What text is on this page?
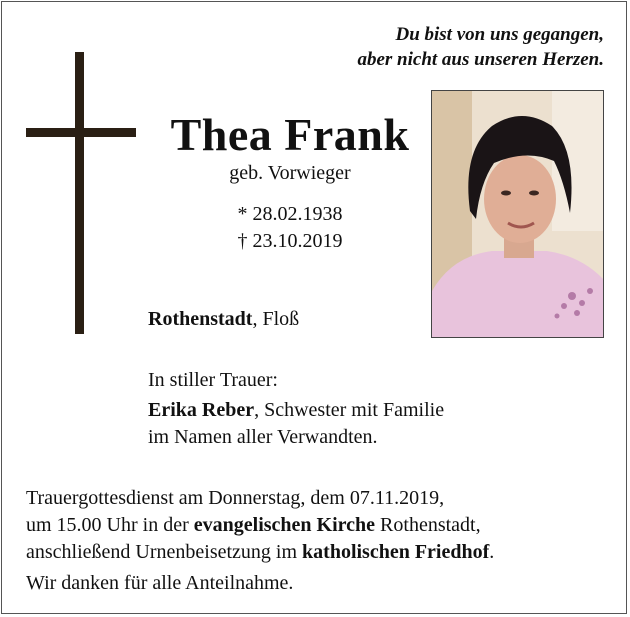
Du bist von uns gegangen,
aber nicht aus unseren Herzen.
Thea Frank
geb. Vorwieger
* 28.02.1938
† 23.10.2019
Rothenstadt, Floß
In stiller Trauer:
Erika Reber, Schwester mit Familie
im Namen aller Verwandten.
Trauergottesdienst am Donnerstag, dem 07.11.2019,
um 15.00 Uhr in der evangelischen Kirche Rothenstadt,
anschließend Urnenbeisetzung im katholischen Friedhof.
Wir danken für alle Anteilnahme.
